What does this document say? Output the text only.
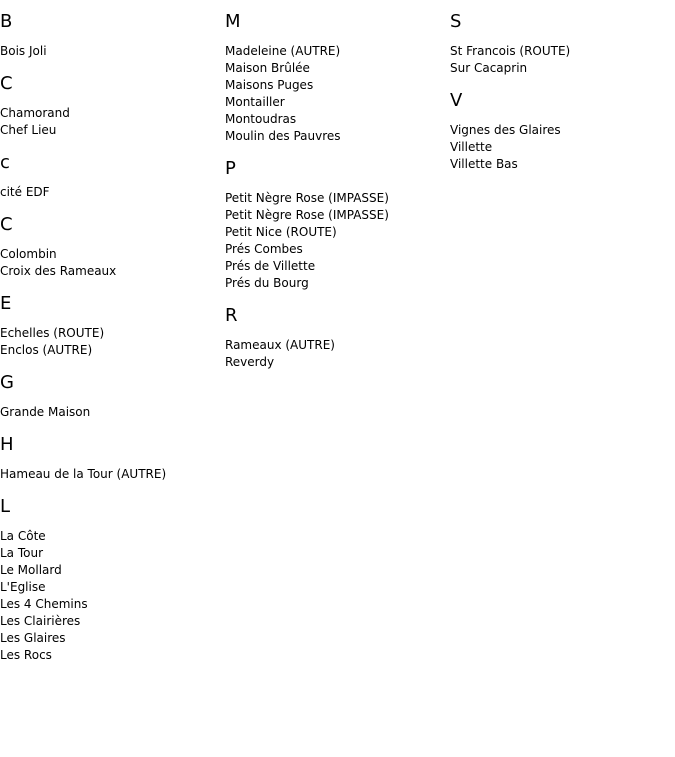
B
Bois Joli
C
Chamorand
Chef Lieu
c
cité EDF
C
Colombin
Croix des Rameaux
E
Echelles (ROUTE)
Enclos (AUTRE)
G
Grande Maison
H
Hameau de la Tour (AUTRE)
L
La Côte
La Tour
Le Mollard
L'Eglise
Les 4 Chemins
Les Clairières
Les Glaires
Les Rocs
M
Madeleine (AUTRE)
Maison Brûlée
Maisons Puges
Montailler
Montoudras
Moulin des Pauvres
P
Petit Nègre Rose (IMPASSE)
Petit Nègre Rose (IMPASSE)
Petit Nice (ROUTE)
Prés Combes
Prés de Villette
Prés du Bourg
R
Rameaux (AUTRE)
Reverdy
S
St Francois (ROUTE)
Sur Cacaprin
V
Vignes des Glaires
Villette
Villette Bas
